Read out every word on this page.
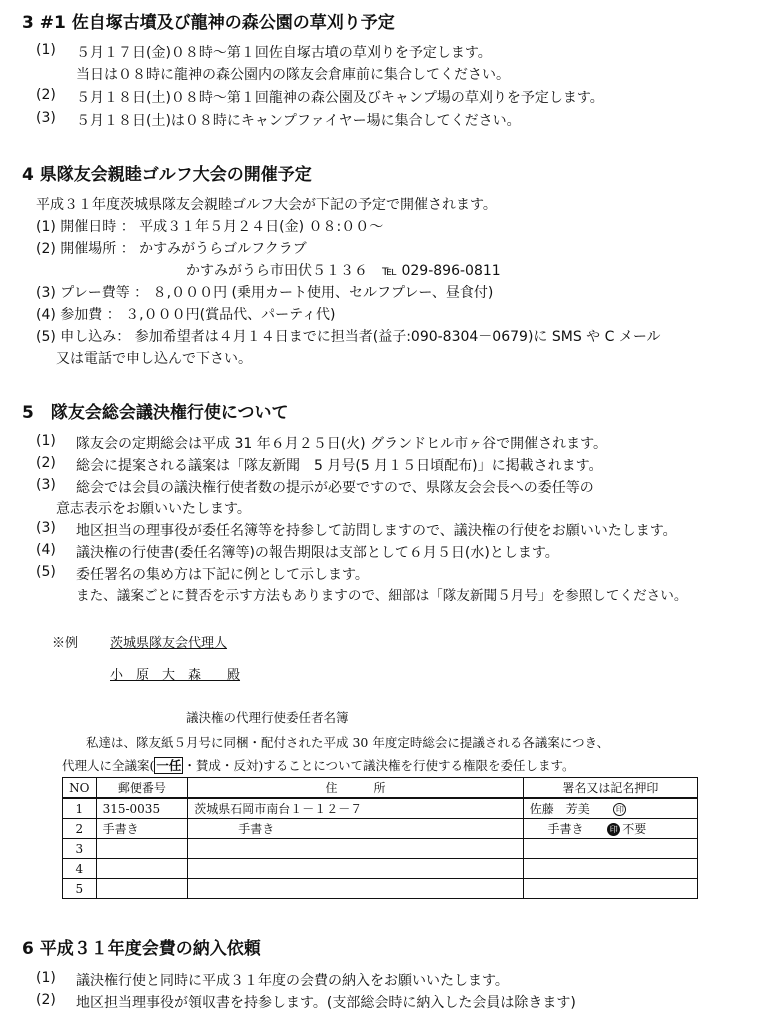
3 #1 佐自塚古墳及び龍神の森公園の草刈り予定
(1) ５月１７日(金)０８時～第１回佐自塚古墳の草刈りを予定します。
当日は０８時に龍神の森公園内の隊友会倉庫前に集合してください。
(2) ５月１８日(土)０８時～第１回龍神の森公園及びキャンプ場の草刈りを予定します。
(3) ５月１８日(土)は０８時にキャンプファイヤー場に集合してください。
4 県隊友会親睦ゴルフ大会の開催予定
平成３１年度茨城県隊友会親睦ゴルフ大会が下記の予定で開催されます。
(1) 開催日時 ： 平成３１年５月２４日(金) ０８:００～
(2) 開催場所 ： かすみがうらゴルフクラブ
かすみがうら市田伏５１３６　℡ 029-896-0811
(3) プレー費等 ： ８,０００円 (乗用カート使用、セルフプレー、昼食付)
(4) 参加費 ： ３,０００円(賞品代、パーティ代)
(5) 申し込み： 参加希望者は４月１４日までに担当者(益子:090-8304－0679)に SMS や C メール
又は電話で申し込んで下さい。
5　隊友会総会議決権行使について
(1) 隊友会の定期総会は平成 31 年６月２５日(火) グランドヒル市ヶ谷で開催されます。
(2) 総会に提案される議案は「隊友新聞　5 月号(5 月１５日頃配布)」に掲載されます。
(3) 総会では会員の議決権行使者数の提示が必要ですので、県隊友会会長への委任等の
意志表示をお願いいたします。
(3) 地区担当の理事役が委任名簿等を持参して訪問しますので、議決権の行使をお願いいたします。
(4) 議決権の行使書(委任名簿等)の報告期限は支部として６月５日(水)とします。
(5) 委任署名の集め方は下記に例として示します。
また、議案ごとに賛否を示す方法もありますので、細部は「隊友新聞５月号」を参照してください。
※例 茨城県隊友会代理人
小　原　大　森　　殿
議決権の代理行使委任者名簿
私達は、隊友紙５月号に同梱・配付された平成 30 年度定時総会に提議される各議案につき、
代理人に全議案( 一任 ・賛成・反対)することについて議決権を行使する権限を委任します。
NO	郵便番号	住　　　所	署名又は記名押印
1	315-0035	茨城県石岡市南台１－１２－７	佐藤　芳美 印
2	手書き	手書き	手書き 印 不要
3			
4			
5			
6 平成３１年度会費の納入依頼
(1) 議決権行使と同時に平成３１年度の会費の納入をお願いいたします。
(2) 地区担当理事役が領収書を持参します。(支部総会時に納入した会員は除きます)
